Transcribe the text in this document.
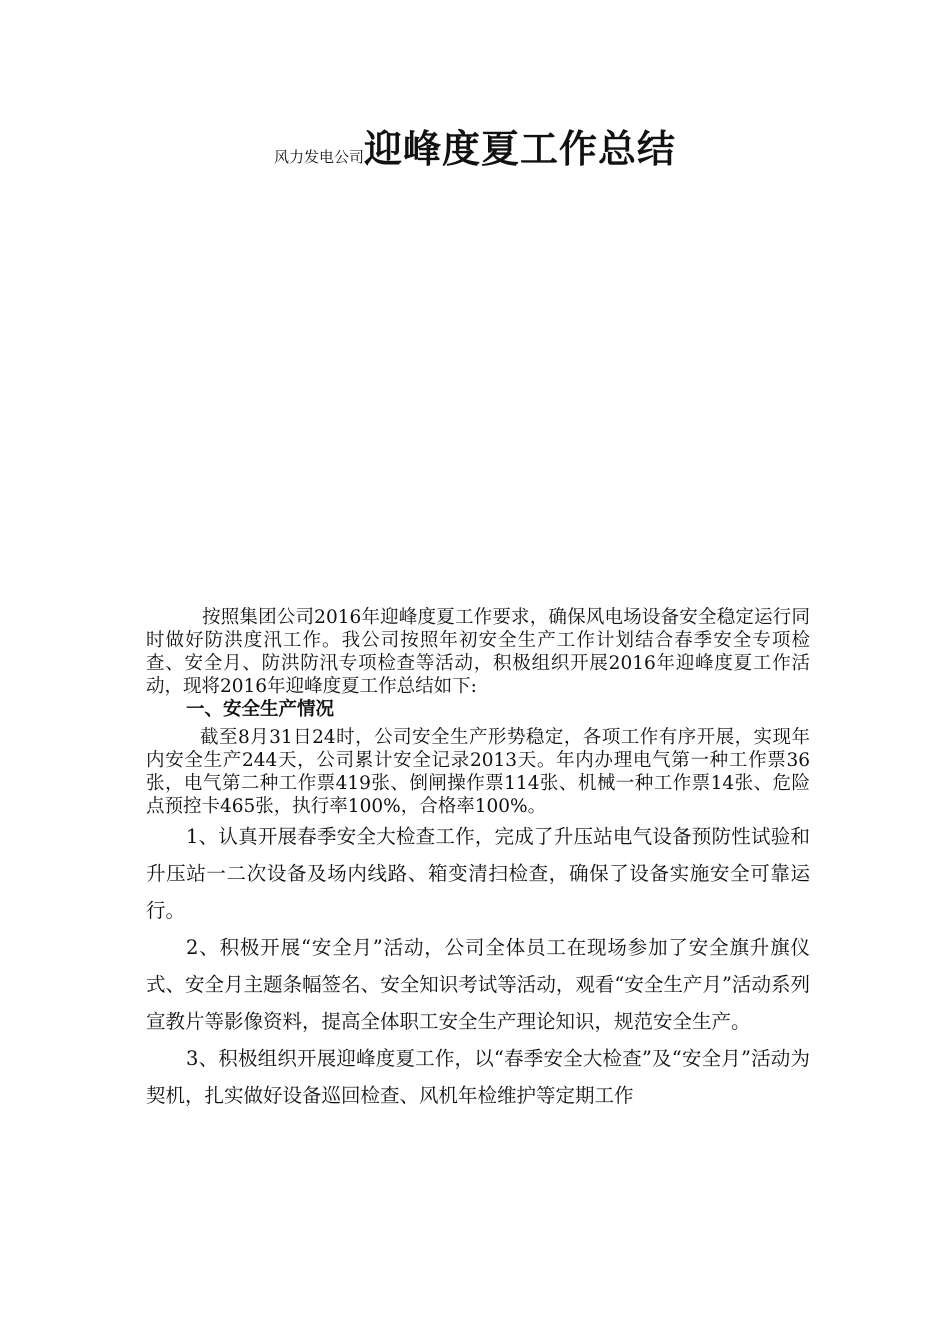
风力发电公司迎峰度夏工作总结

按照集团公司2016年迎峰度夏工作要求，确保风电场设备安全稳定运行同时做好防洪度汛工作。我公司按照年初安全生产工作计划结合春季安全专项检查、安全月、防洪防汛专项检查等活动，积极组织开展2016年迎峰度夏工作活动，现将2016年迎峰度夏工作总结如下:

一、安全生产情况

截至8月31日24时，公司安全生产形势稳定，各项工作有序开展，实现年内安全生产244天，公司累计安全记录2013天。年内办理电气第一种工作票36张，电气第二种工作票419张、倒闸操作票114张、机械一种工作票14张、危险点预控卡465张，执行率100%，合格率100%。

1、认真开展春季安全大检查工作，完成了升压站电气设备预防性试验和升压站一二次设备及场内线路、箱变清扫检查，确保了设备实施安全可靠运行。

2、积极开展“安全月”活动，公司全体员工在现场参加了安全旗升旗仪式、安全月主题条幅签名、安全知识考试等活动，观看“安全生产月”活动系列宣教片等影像资料，提高全体职工安全生产理论知识，规范安全生产。

3、积极组织开展迎峰度夏工作，以“春季安全大检查”及“安全月”活动为契机，扎实做好设备巡回检查、风机年检维护等定期工作
